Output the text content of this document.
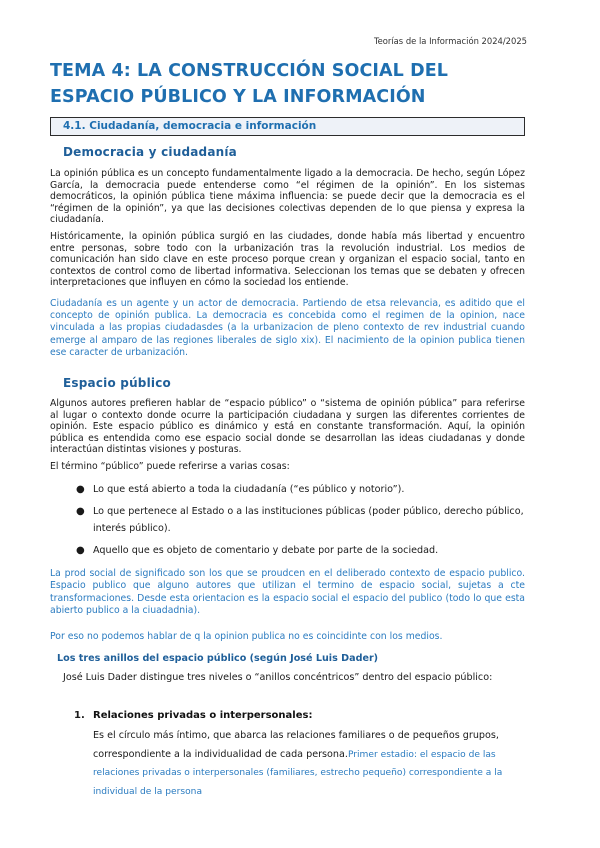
Teorías de la Información 2024/2025
TEMA 4: LA CONSTRUCCIÓN SOCIAL DEL ESPACIO PÚBLICO Y LA INFORMACIÓN
4.1. Ciudadanía, democracia e información
Democracia y ciudadanía

La opinión pública es un concepto fundamentalmente ligado a la democracia. De hecho, según López García, la democracia puede entenderse como “el régimen de la opinión”. En los sistemas democráticos, la opinión pública tiene máxima influencia: se puede decir que la democracia es el “régimen de la opinión”, ya que las decisiones colectivas dependen de lo que piensa y expresa la ciudadanía.

Históricamente, la opinión pública surgió en las ciudades, donde había más libertad y encuentro entre personas, sobre todo con la urbanización tras la revolución industrial. Los medios de comunicación han sido clave en este proceso porque crean y organizan el espacio social, tanto en contextos de control como de libertad informativa. Seleccionan los temas que se debaten y ofrecen interpretaciones que influyen en cómo la sociedad los entiende.

Ciudadanía es un agente y un actor de democracia. Partiendo de etsa relevancia, es aditido que el concepto de opinión publica. La democracia es concebida como el regimen de la opinion, nace vinculada a las propias ciudadasdes (a la urbanizacion de pleno contexto de rev industrial cuando emerge al amparo de las regiones liberales de siglo xix). El nacimiento de la opinion publica tienen ese caracter de urbanización.

Espacio público

Algunos autores prefieren hablar de “espacio público” o “sistema de opinión pública” para referirse al lugar o contexto donde ocurre la participación ciudadana y surgen las diferentes corrientes de opinión. Este espacio público es dinámico y está en constante transformación. Aquí, la opinión pública es entendida como ese espacio social donde se desarrollan las ideas ciudadanas y donde interactúan distintas visiones y posturas.

El término “público” puede referirse a varias cosas:

● Lo que está abierto a toda la ciudadanía (“es público y notorio”).
● Lo que pertenece al Estado o a las instituciones públicas (poder público, derecho público, interés público).
● Aquello que es objeto de comentario y debate por parte de la sociedad.

La prod social de significado son los que se proudcen en el deliberado contexto de espacio publico. Espacio publico que alguno autores que utilizan el termino de espacio social, sujetas a cte transformaciones. Desde esta orientacion es la espacio social el espacio del publico (todo lo que esta abierto publico a la ciuadadnia).

Por eso no podemos hablar de q la opinion publica no es coincidinte con los medios.

Los tres anillos del espacio público (según José Luis Dader)

José Luis Dader distingue tres niveles o “anillos concéntricos” dentro del espacio público:

1. Relaciones privadas o interpersonales:

Es el círculo más íntimo, que abarca las relaciones familiares o de pequeños grupos, correspondiente a la individualidad de cada persona.Primer estadio: el espacio de las relaciones privadas o interpersonales (familiares, estrecho pequeño) correspondiente a la individual de la persona
